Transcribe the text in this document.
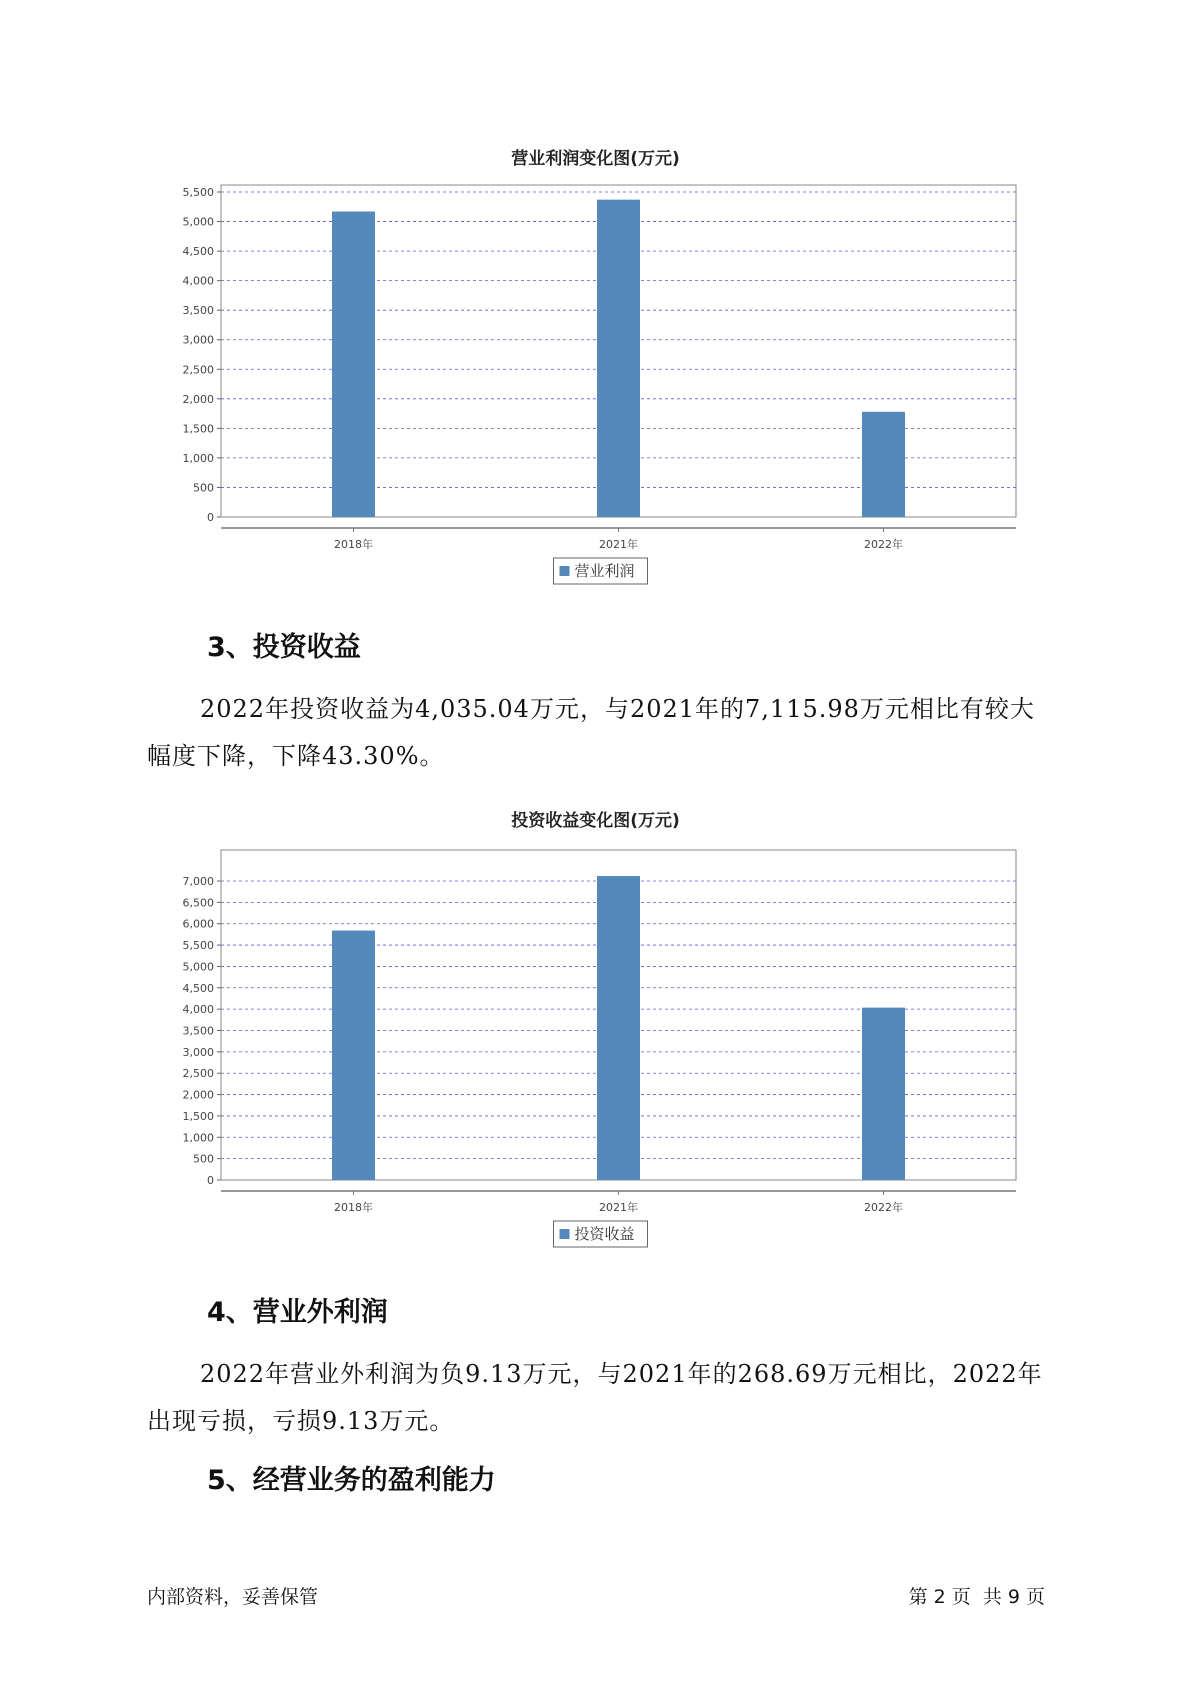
营业利润变化图(万元)
0
500
1,000
1,500
2,000
2,500
3,000
3,500
4,000
4,500
5,000
5,500
2018年	2021年	2022年
营业利润
3、投资收益

2022年投资收益为4,035.04万元，与2021年的7,115.98万元相比有较大幅度下降，下降43.30%。

投资收益变化图(万元)
0
500
1,000
1,500
2,000
2,500
3,000
3,500
4,000
4,500
5,000
5,500
6,000
6,500
7,000
2018年	2021年	2022年
投资收益
4、营业外利润

2022年营业外利润为负9.13万元，与2021年的268.69万元相比，2022年出现亏损，亏损9.13万元。

5、经营业务的盈利能力
内部资料，妥善保管	第 2 页  共 9 页
